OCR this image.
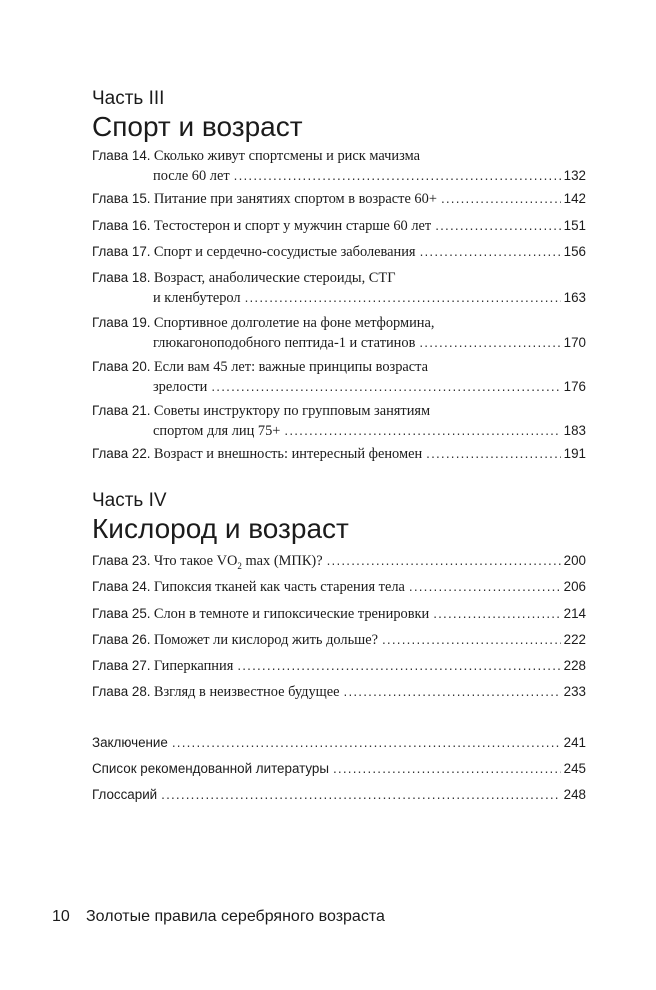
Часть III
Спорт и возраст
Глава 14.
Сколько живут спортсмены и риск мачизма
после 60 лет .....	132
Глава 15.
Питание при занятиях спортом в возрасте 60+ .....	142
Глава 16.
Тестостерон и спорт у мужчин старше 60 лет .....	151
Глава 17.
Спорт и сердечно-сосудистые заболевания .....	156
Глава 18.
Возраст, анаболические стероиды, СТГ
и кленбутерол .....	163
Глава 19.
Спортивное долголетие на фоне метформина,
глюкагоноподобного пептида-1 и статинов .....	170
Глава 20.
Если вам 45 лет: важные принципы возраста
зрелости .....	176
Глава 21.
Советы инструктору по групповым занятиям
спортом для лиц 75+ .....	183
Глава 22.
Возраст и внешность: интересный феномен .....	191
Часть IV
Кислород и возраст
Глава 23.
Что такое $VO_2$ max (МПК)? .....	200
Глава 24.
Гипоксия тканей как часть старения тела .....	206
Глава 25.
Слон в темноте и гипоксические тренировки .....	214
Глава 26.
Поможет ли кислород жить дольше? .....	222
Глава 27.
Гиперкапния .....	228
Глава 28.
Взгляд в неизвестное будущее .....	233
Заключение .....	241
Список рекомендованной литературы .....	245
Глоссарий .....	248
10 Золотые правила серебряного возраста
